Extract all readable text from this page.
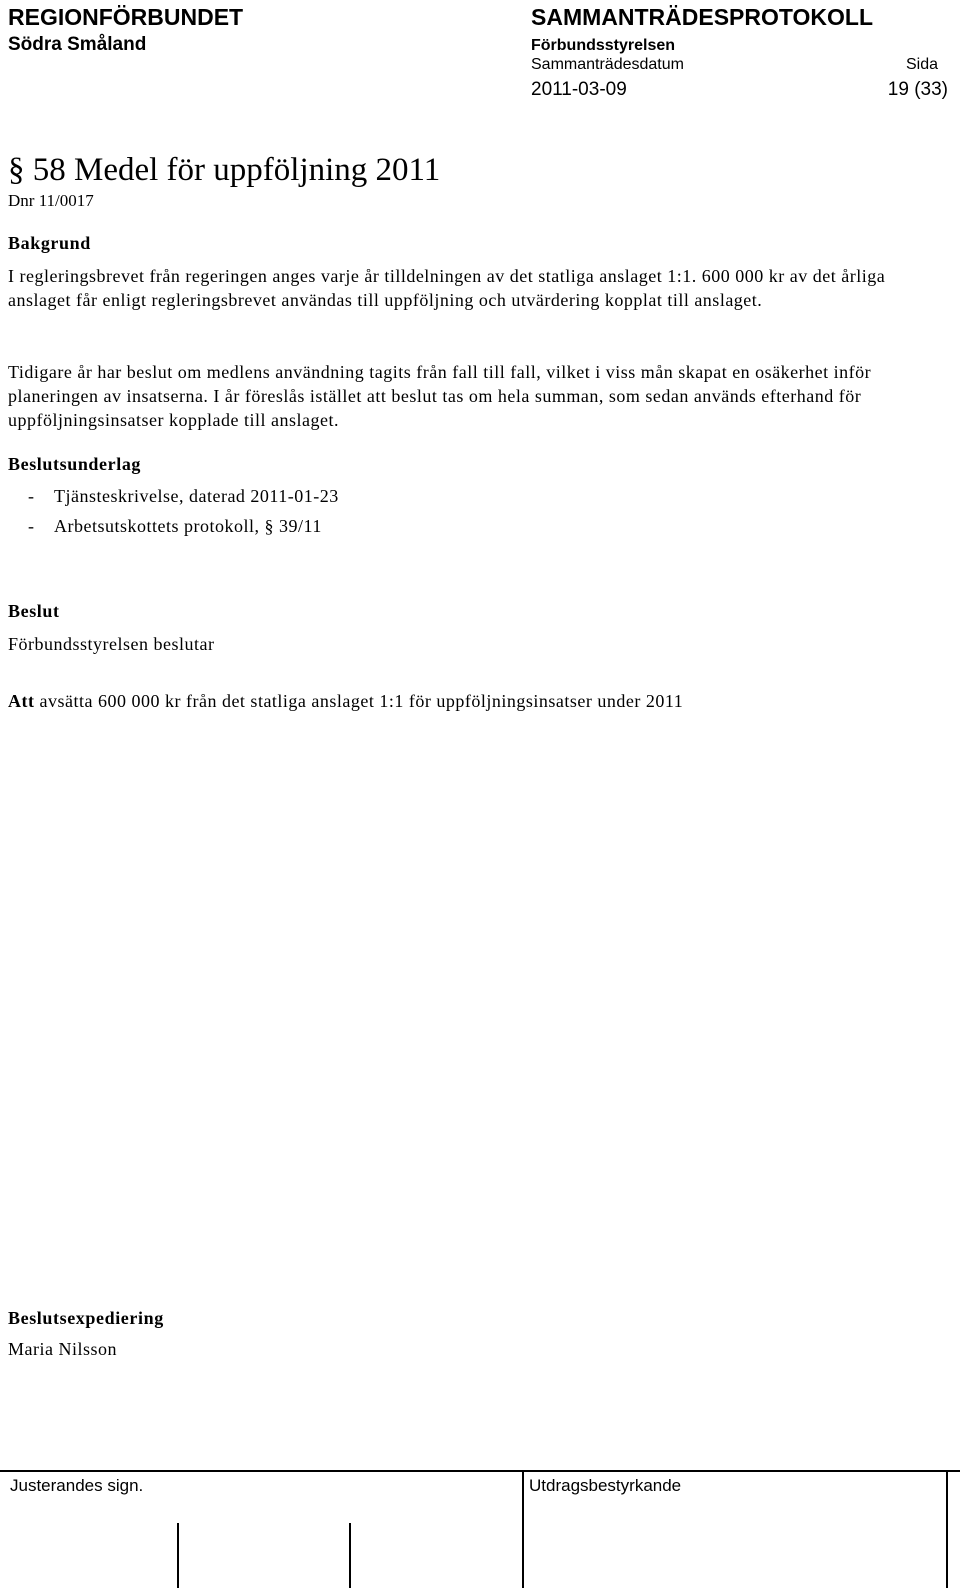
REGIONFÖRBUNDET
Södra Småland
SAMMANTRÄDESPROTOKOLL
Förbundsstyrelsen
Sammanträdesdatum	Sida
2011-03-09	19 (33)
§ 58 Medel för uppföljning 2011
Dnr 11/0017
Bakgrund
I regleringsbrevet från regeringen anges varje år tilldelningen av det statliga anslaget 1:1. 600 000 kr av det årliga anslaget får enligt regleringsbrevet användas till uppföljning och utvärdering kopplat till anslaget.
Tidigare år har beslut om medlens användning tagits från fall till fall, vilket i viss mån skapat en osäkerhet inför planeringen av insatserna. I år föreslås istället att beslut tas om hela summan, som sedan används efterhand för uppföljningsinsatser kopplade till anslaget.
Beslutsunderlag
- Tjänsteskrivelse, daterad 2011-01-23
- Arbetsutskottets protokoll, § 39/11
Beslut
Förbundsstyrelsen beslutar
Att avsätta 600 000 kr från det statliga anslaget 1:1 för uppföljningsinsatser under 2011
Beslutsexpediering
Maria Nilsson
Justerandes sign.	Utdragsbestyrkande
